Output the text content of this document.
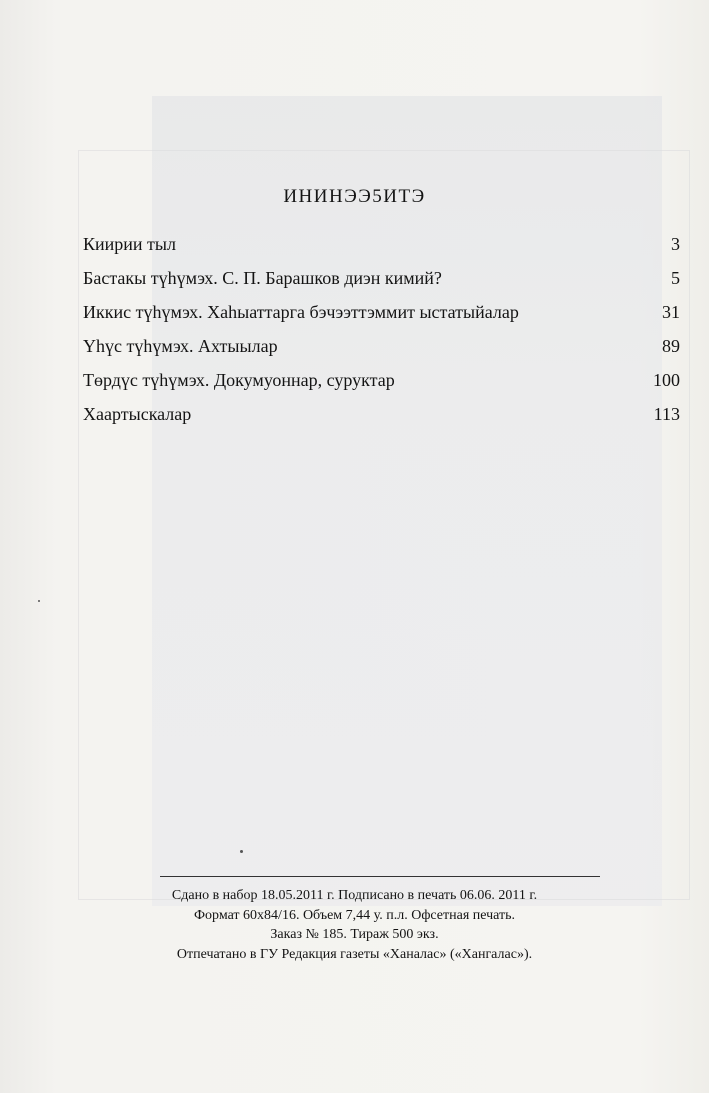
ИНИНЭЭ5ИТЭ
Киирии тыл	3
Бастакы түһүмэх. С. П. Барашков диэн кимий?	5
Иккис түһүмэх. Хаһыаттарга бэчээттэммит ыстатыйалар	31
Үһүс түһүмэх. Ахтыылар	89
Төрдүс түһүмэх. Докумуоннар, суруктар	100
Хаартыскалар	113
Сдано в набор 18.05.2011 г. Подписано в печать 06.06. 2011 г.
Формат 60х84/16. Объем 7,44 у. п.л. Офсетная печать.
Заказ № 185. Тираж 500 экз.
Отпечатано в ГУ Редакция газеты «Ханалас» («Хангалас»).
